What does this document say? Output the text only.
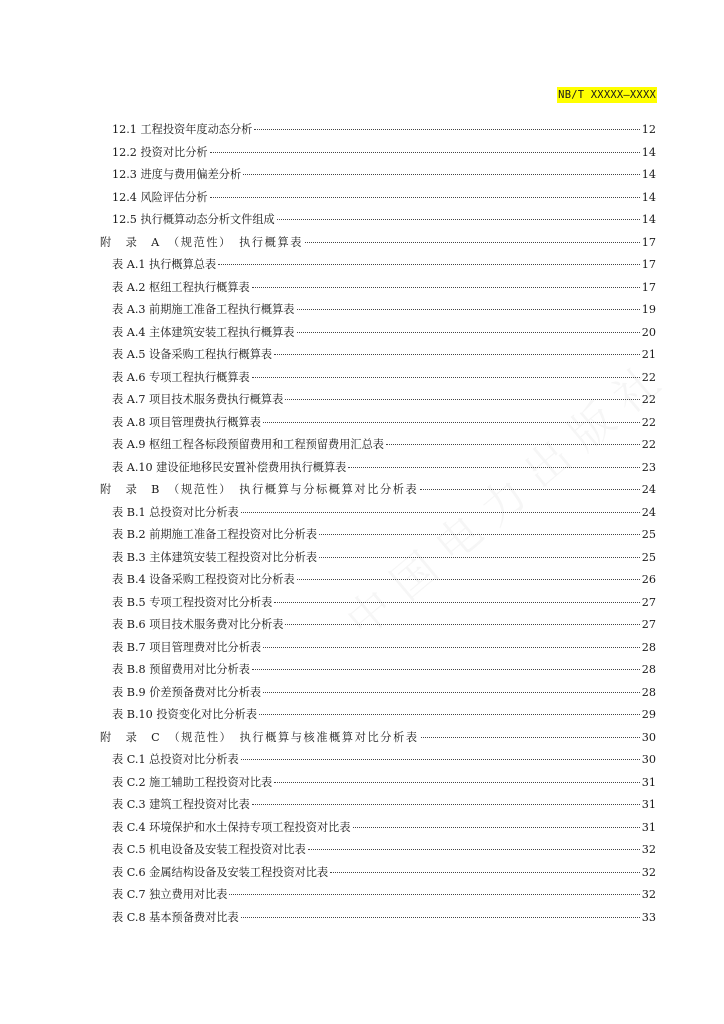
NB/T XXXXX—XXXX
12.1 工程投资年度动态分析	12
12.2 投资对比分析	14
12.3 进度与费用偏差分析	14
12.4 风险评估分析	14
12.5 执行概算动态分析文件组成	14
附　录　A　（规范性）　执行概算表	17
表 A.1 执行概算总表	17
表 A.2 枢纽工程执行概算表	17
表 A.3 前期施工准备工程执行概算表	19
表 A.4 主体建筑安装工程执行概算表	20
表 A.5 设备采购工程执行概算表	21
表 A.6 专项工程执行概算表	22
表 A.7 项目技术服务费执行概算表	22
表 A.8 项目管理费执行概算表	22
表 A.9 枢纽工程各标段预留费用和工程预留费用汇总表	22
表 A.10 建设征地移民安置补偿费用执行概算表	23
附　录　B　（规范性）　执行概算与分标概算对比分析表	24
表 B.1 总投资对比分析表	24
表 B.2 前期施工准备工程投资对比分析表	25
表 B.3 主体建筑安装工程投资对比分析表	25
表 B.4 设备采购工程投资对比分析表	26
表 B.5 专项工程投资对比分析表	27
表 B.6 项目技术服务费对比分析表	27
表 B.7 项目管理费对比分析表	28
表 B.8 预留费用对比分析表	28
表 B.9 价差预备费对比分析表	28
表 B.10 投资变化对比分析表	29
附　录　C　（规范性）　执行概算与核准概算对比分析表	30
表 C.1 总投资对比分析表	30
表 C.2 施工辅助工程投资对比表	31
表 C.3 建筑工程投资对比表	31
表 C.4 环境保护和水土保持专项工程投资对比表	31
表 C.5 机电设备及安装工程投资对比表	32
表 C.6 金属结构设备及安装工程投资对比表	32
表 C.7 独立费用对比表	32
表 C.8 基本预备费对比表	33
